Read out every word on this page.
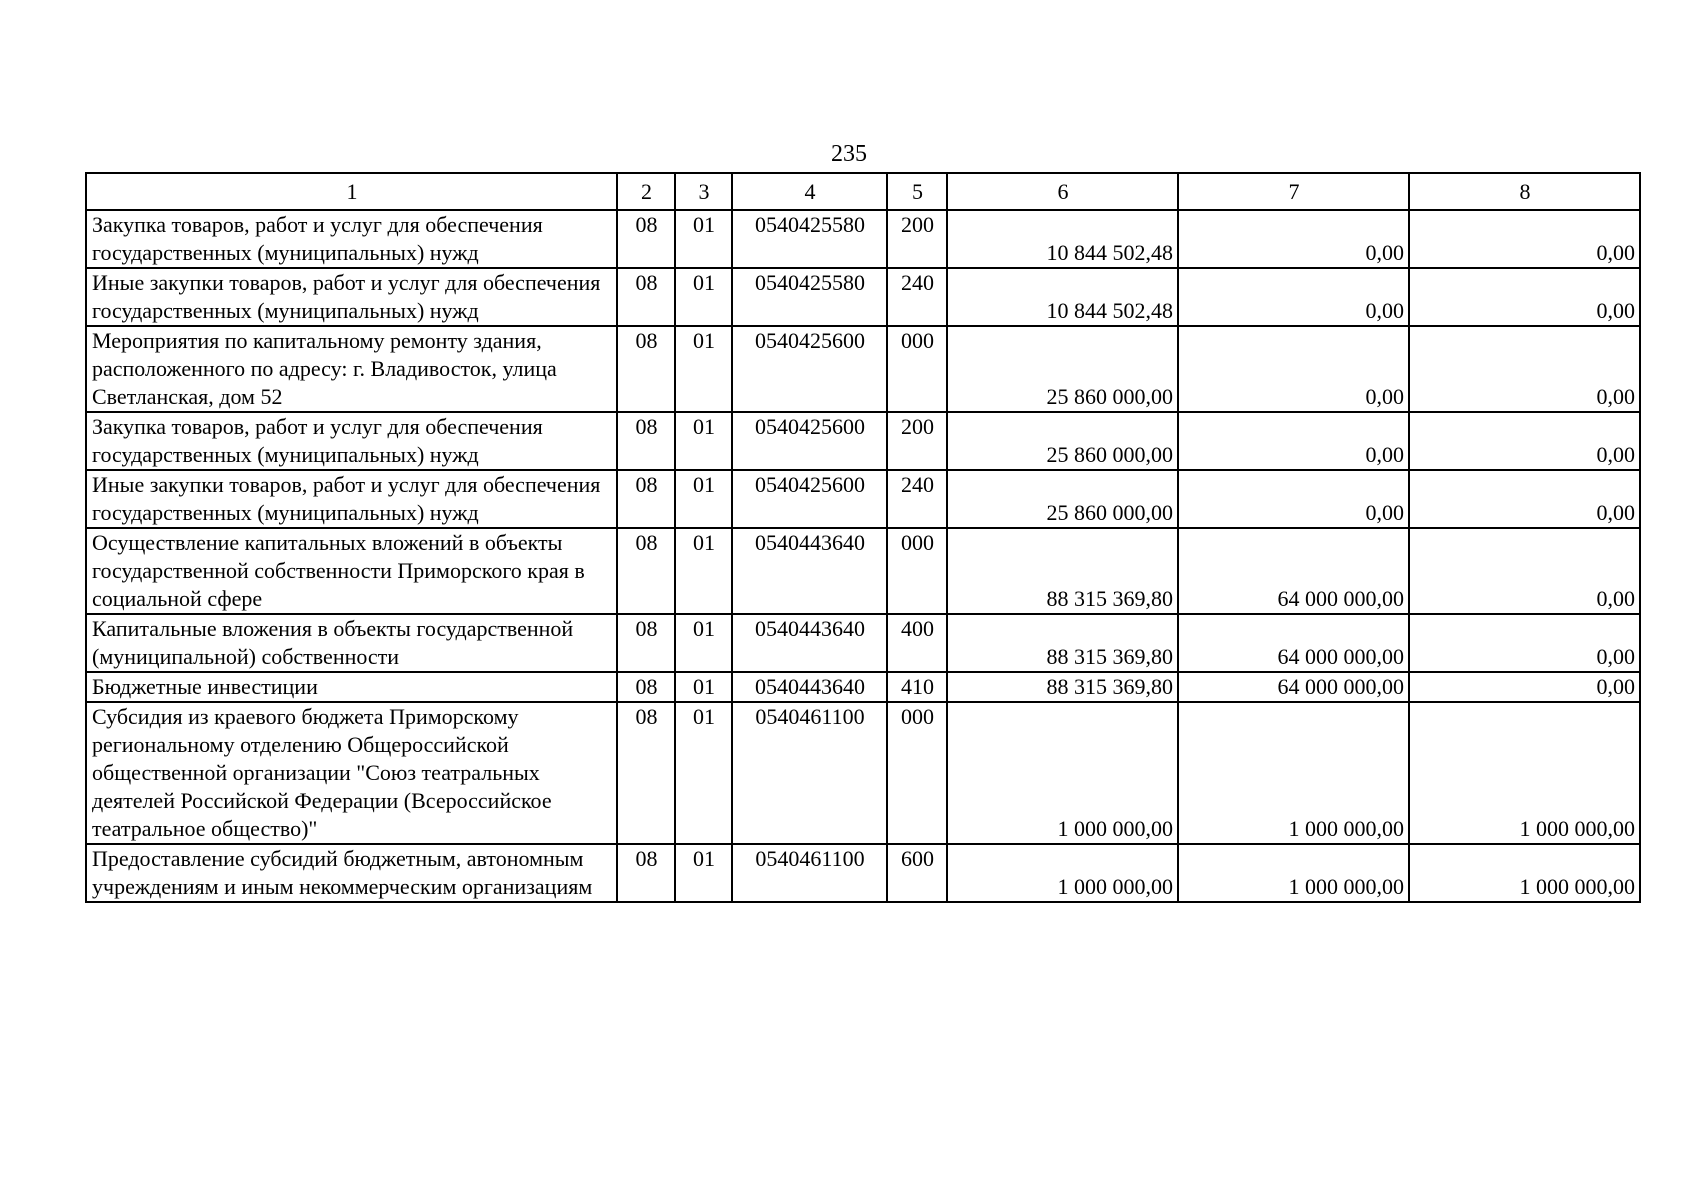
235
1	2	3	4	5	6	7	8
Закупка товаров, работ и услуг для обеспечения государственных (муниципальных) нужд	08	01	0540425580	200	10 844 502,48	0,00	0,00
Иные закупки товаров, работ и услуг для обеспечения государственных (муниципальных) нужд	08	01	0540425580	240	10 844 502,48	0,00	0,00
Мероприятия по капитальному ремонту здания, расположенного по адресу: г. Владивосток, улица Светланская, дом 52	08	01	0540425600	000	25 860 000,00	0,00	0,00
Закупка товаров, работ и услуг для обеспечения государственных (муниципальных) нужд	08	01	0540425600	200	25 860 000,00	0,00	0,00
Иные закупки товаров, работ и услуг для обеспечения государственных (муниципальных) нужд	08	01	0540425600	240	25 860 000,00	0,00	0,00
Осуществление капитальных вложений в объекты государственной собственности Приморского края в социальной сфере	08	01	0540443640	000	88 315 369,80	64 000 000,00	0,00
Капитальные вложения в объекты государственной (муниципальной) собственности	08	01	0540443640	400	88 315 369,80	64 000 000,00	0,00
Бюджетные инвестиции	08	01	0540443640	410	88 315 369,80	64 000 000,00	0,00
Субсидия из краевого бюджета Приморскому региональному отделению Общероссийской общественной организации "Союз театральных деятелей Российской Федерации (Всероссийское театральное общество)"	08	01	0540461100	000	1 000 000,00	1 000 000,00	1 000 000,00
Предоставление субсидий бюджетным, автономным учреждениям и иным некоммерческим организациям	08	01	0540461100	600	1 000 000,00	1 000 000,00	1 000 000,00
